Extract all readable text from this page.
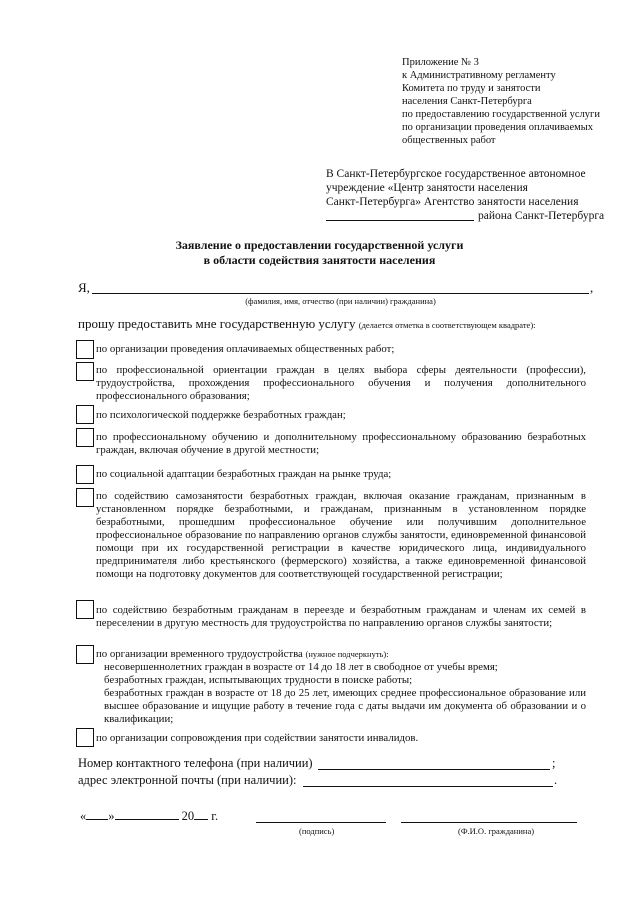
Приложение № 3
к Административному регламенту
Комитета по труду и занятости
населения Санкт-Петербурга
по предоставлению государственной услуги
по организации проведения оплачиваемых
общественных работ
В Санкт-Петербургское государственное автономное
учреждение «Центр занятости населения
Санкт-Петербурга» Агентство занятости населения
района Санкт-Петербурга
Заявление о предоставлении государственной услуги
в области содействия занятости населения
Я,	,
(фамилия, имя, отчество (при наличии) гражданина)
прошу предоставить мне государственную услугу (делается отметка в соответствующем квадрате):
по организации проведения оплачиваемых общественных работ;
по профессиональной ориентации граждан в целях выбора сферы деятельности (профессии), трудоустройства, прохождения профессионального обучения и получения дополнительного профессионального образования;
по психологической поддержке безработных граждан;
по профессиональному обучению и дополнительному профессиональному образованию безработных граждан, включая обучение в другой местности;
по социальной адаптации безработных граждан на рынке труда;
по содействию самозанятости безработных граждан, включая оказание гражданам, признанным в установленном порядке безработными, и гражданам, признанным в установленном порядке безработными, прошедшим профессиональное обучение или получившим дополнительное профессиональное образование по направлению органов службы занятости, единовременной финансовой помощи при их государственной регистрации в качестве юридического лица, индивидуального предпринимателя либо крестьянского (фермерского) хозяйства, а также единовременной финансовой помощи на подготовку документов для соответствующей государственной регистрации;
по содействию безработным гражданам в переезде и безработным гражданам и членам их семей в переселении в другую местность для трудоустройства по направлению органов службы занятости;
по организации временного трудоустройства (нужное подчеркнуть):
несовершеннолетних граждан в возрасте от 14 до 18 лет в свободное от учебы время;
безработных граждан, испытывающих трудности в поиске работы;
безработных граждан в возрасте от 18 до 25 лет, имеющих среднее профессиональное образование или высшее образование и ищущие работу в течение года с даты выдачи им документа об образовании и о квалификации;
по организации сопровождения при содействии занятости инвалидов.
Номер контактного телефона (при наличии)	;
адрес электронной почты (при наличии):	.
« »	20 г.
(подпись)	(Ф.И.О. гражданина)
